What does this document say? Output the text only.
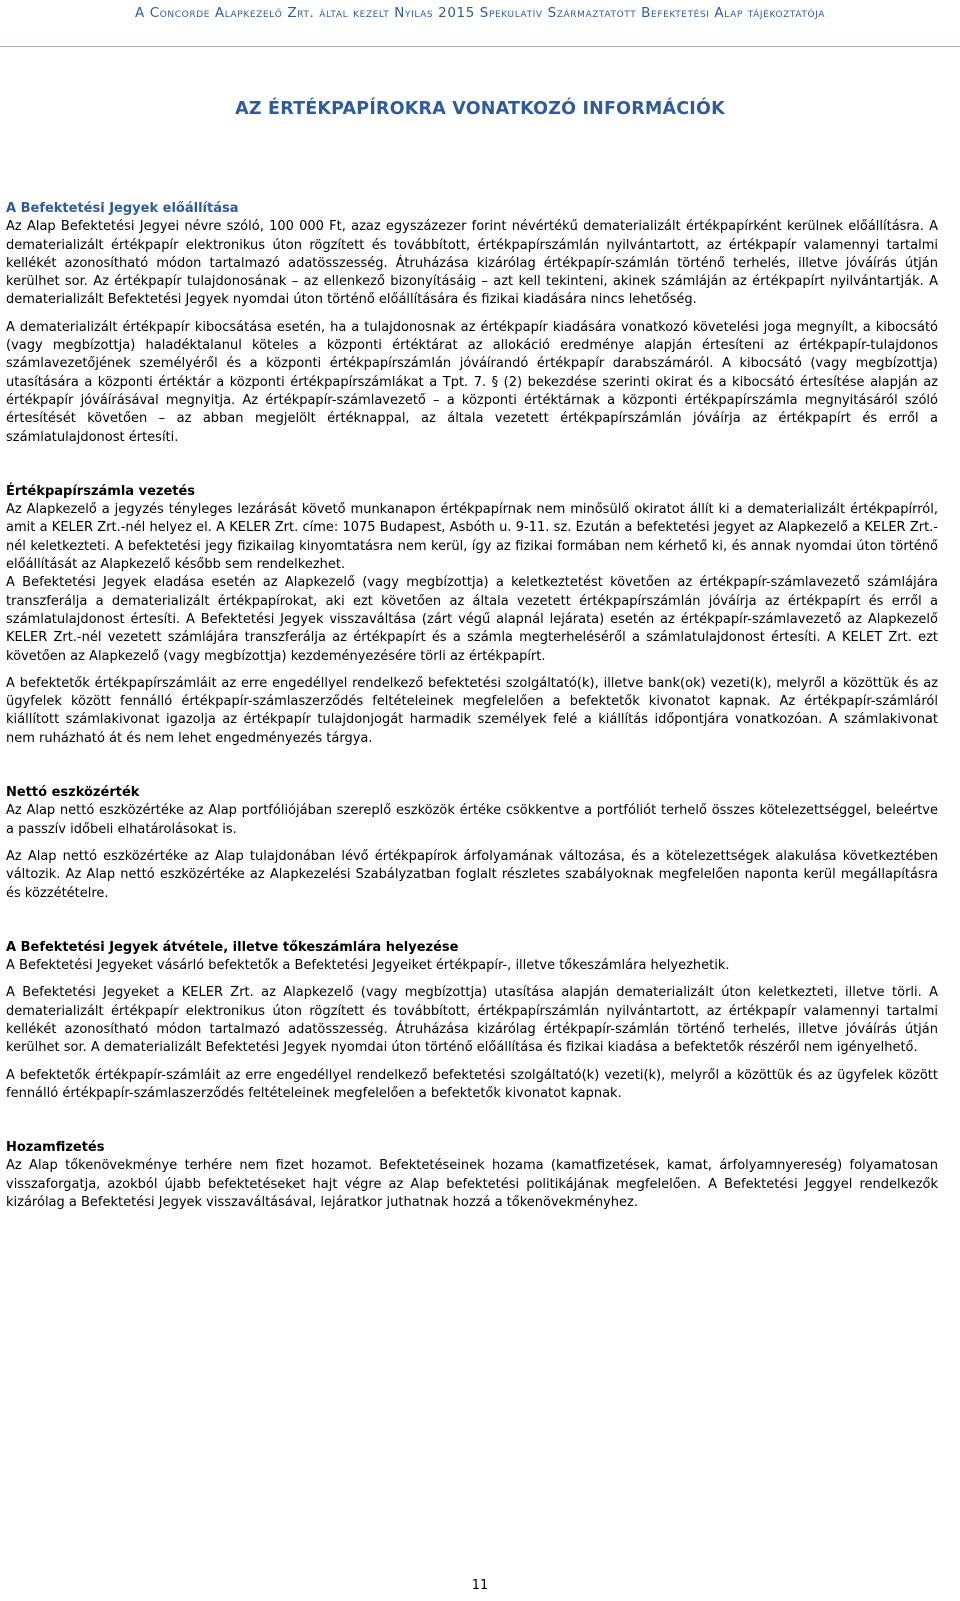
A Concorde Alapkezelő Zrt. által kezelt Nyilas 2015 Spekulatív Származtatott Befektetési Alap tájékoztatója
AZ ÉRTÉKPAPÍROKRA VONATKOZÓ INFORMÁCIÓK
A Befektetési Jegyek előállítása

Az Alap Befektetési Jegyei névre szóló, 100 000 Ft, azaz egyszázezer forint névértékű dematerializált értékpapírként kerülnek előállításra. A dematerializált értékpapír elektronikus úton rögzített és továbbított, értékpapírszámlán nyilvántartott, az értékpapír valamennyi tartalmi kellékét azonosítható módon tartalmazó adatösszesség. Átruházása kizárólag értékpapír-számlán történő terhelés, illetve jóváírás útján kerülhet sor. Az értékpapír tulajdonosának – az ellenkező bizonyításáig – azt kell tekinteni, akinek számláján az értékpapírt nyilvántartják. A dematerializált Befektetési Jegyek nyomdai úton történő előállítására és fizikai kiadására nincs lehetőség.

A dematerializált értékpapír kibocsátása esetén, ha a tulajdonosnak az értékpapír kiadására vonatkozó követelési joga megnyílt, a kibocsátó (vagy megbízottja) haladéktalanul köteles a központi értéktárat az allokáció eredménye alapján értesíteni az értékpapír-tulajdonos számlavezetőjének személyéről és a központi értékpapírszámlán jóváírandó értékpapír darabszámáról. A kibocsátó (vagy megbízottja) utasítására a központi értéktár a központi értékpapírszámlákat a Tpt. 7. § (2) bekezdése szerinti okirat és a kibocsátó értesítése alapján az értékpapír jóváírásával megnyitja. Az értékpapír-számlavezető – a központi értéktárnak a központi értékpapírszámla megnyitásáról szóló értesítését követően – az abban megjelölt értéknappal, az általa vezetett értékpapírszámlán jóváírja az értékpapírt és erről a számlatulajdonost értesíti.

Értékpapírszámla vezetés

Az Alapkezelő a jegyzés tényleges lezárását követő munkanapon értékpapírnak nem minősülő okiratot állít ki a dematerializált értékpapírról, amit a KELER Zrt.-nél helyez el. A KELER Zrt. címe: 1075 Budapest, Asbóth u. 9-11. sz. Ezután a befektetési jegyet az Alapkezelő a KELER Zrt.-nél keletkezteti. A befektetési jegy fizikailag kinyomtatásra nem kerül, így az fizikai formában nem kérhető ki, és annak nyomdai úton történő előállítását az Alapkezelő később sem rendelkezhet.

A Befektetési Jegyek eladása esetén az Alapkezelő (vagy megbízottja) a keletkeztetést követően az értékpapír-számlavezető számlájára transzferálja a dematerializált értékpapírokat, aki ezt követően az általa vezetett értékpapírszámlán jóváírja az értékpapírt és erről a számlatulajdonost értesíti. A Befektetési Jegyek visszaváltása (zárt végű alapnál lejárata) esetén az értékpapír-számlavezető az Alapkezelő KELER Zrt.-nél vezetett számlájára transzferálja az értékpapírt és a számla megterheléséről a számlatulajdonost értesíti. A KELET Zrt. ezt követően az Alapkezelő (vagy megbízottja) kezdeményezésére törli az értékpapírt.

A befektetők értékpapírszámláit az erre engedéllyel rendelkező befektetési szolgáltató(k), illetve bank(ok) vezeti(k), melyről a közöttük és az ügyfelek között fennálló értékpapír-számlaszerződés feltételeinek megfelelően a befektetők kivonatot kapnak. Az értékpapír-számláról kiállított számlakivonat igazolja az értékpapír tulajdonjogát harmadik személyek felé a kiállítás időpontjára vonatkozóan. A számlakivonat nem ruházható át és nem lehet engedményezés tárgya.

Nettó eszközérték

Az Alap nettó eszközértéke az Alap portfóliójában szereplő eszközök értéke csökkentve a portfóliót terhelő összes kötelezettséggel, beleértve a passzív időbeli elhatárolásokat is.

Az Alap nettó eszközértéke az Alap tulajdonában lévő értékpapírok árfolyamának változása, és a kötelezettségek alakulása következtében változik. Az Alap nettó eszközértéke az Alapkezelési Szabályzatban foglalt részletes szabályoknak megfelelően naponta kerül megállapításra és közzétételre.

A Befektetési Jegyek átvétele, illetve tőkeszámlára helyezése

A Befektetési Jegyeket vásárló befektetők a Befektetési Jegyeiket értékpapír-, illetve tőkeszámlára helyezhetik.

A Befektetési Jegyeket a KELER Zrt. az Alapkezelő (vagy megbízottja) utasítása alapján dematerializált úton keletkezteti, illetve törli. A dematerializált értékpapír elektronikus úton rögzített és továbbított, értékpapírszámlán nyilvántartott, az értékpapír valamennyi tartalmi kellékét azonosítható módon tartalmazó adatösszesség. Átruházása kizárólag értékpapír-számlán történő terhelés, illetve jóváírás útján kerülhet sor. A dematerializált Befektetési Jegyek nyomdai úton történő előállítása és fizikai kiadása a befektetők részéről nem igényelhető.

A befektetők értékpapír-számláit az erre engedéllyel rendelkező befektetési szolgáltató(k) vezeti(k), melyről a közöttük és az ügyfelek között fennálló értékpapír-számlaszerződés feltételeinek megfelelően a befektetők kivonatot kapnak.

Hozamfizetés

Az Alap tőkenövekménye terhére nem fizet hozamot. Befektetéseinek hozama (kamatfizetések, kamat, árfolyamnyereség) folyamatosan visszaforgatja, azokból újabb befektetéseket hajt végre az Alap befektetési politikájának megfelelően. A Befektetési Jeggyel rendelkezők kizárólag a Befektetési Jegyek visszaváltásával, lejáratkor juthatnak hozzá a tőkenövekményhez.

11
